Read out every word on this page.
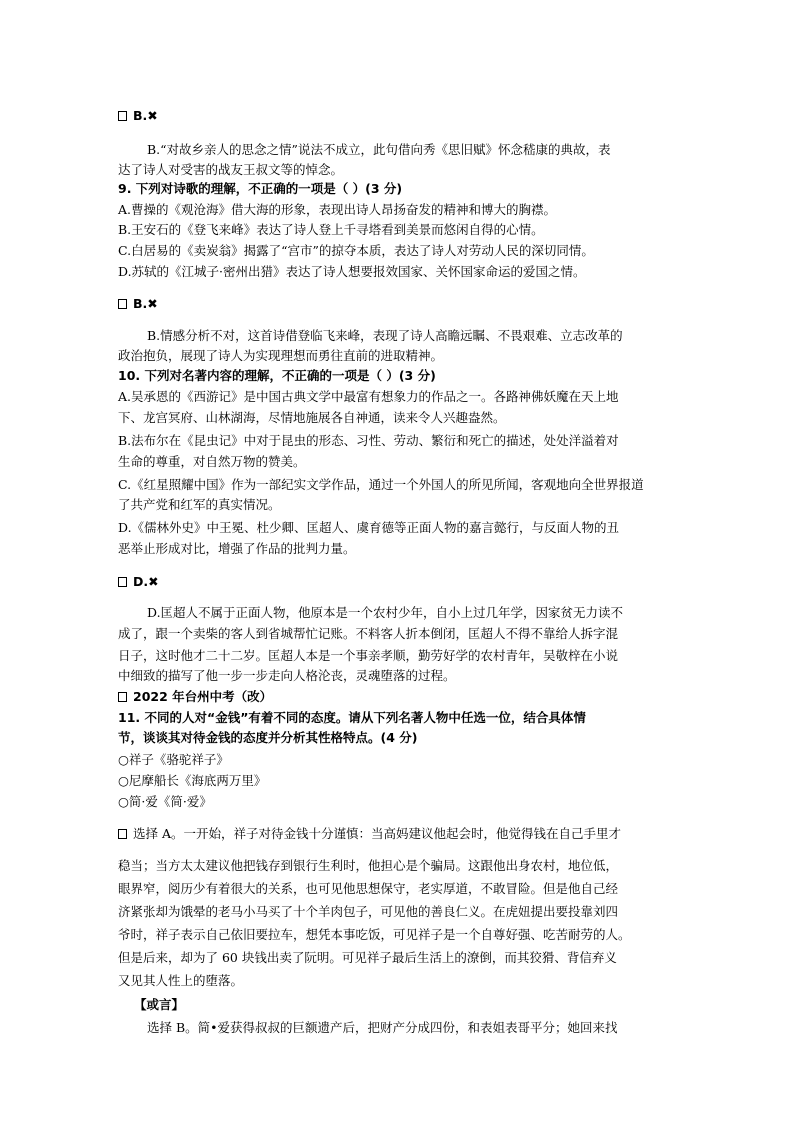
B.✖
B.“对故乡亲人的思念之情”说法不成立，此句借向秀《思旧赋》怀念嵇康的典故，表
达了诗人对受害的战友王叔文等的悼念。
9. 下列对诗歌的理解，不正确的一项是（ ）(3 分)
A.曹操的《观沧海》借大海的形象，表现出诗人昂扬奋发的精神和博大的胸襟。
B.王安石的《登飞来峰》表达了诗人登上千寻塔看到美景而悠闲自得的心情。
C.白居易的《卖炭翁》揭露了“宫市”的掠夺本质，表达了诗人对劳动人民的深切同情。
D.苏轼的《江城子·密州出猎》表达了诗人想要报效国家、关怀国家命运的爱国之情。
B.✖
B.情感分析不对，这首诗借登临飞来峰，表现了诗人高瞻远瞩、不畏艰难、立志改革的
政治抱负，展现了诗人为实现理想而勇往直前的进取精神。
10. 下列对名著内容的理解，不正确的一项是（ ）(3 分)
A.吴承恩的《西游记》是中国古典文学中最富有想象力的作品之一。各路神佛妖魔在天上地
下、龙宫冥府、山林湖海，尽情地施展各自神通，读来令人兴趣盎然。
B.法布尔在《昆虫记》中对于昆虫的形态、习性、劳动、繁衍和死亡的描述，处处洋溢着对
生命的尊重，对自然万物的赞美。
C.《红星照耀中国》作为一部纪实文学作品，通过一个外国人的所见所闻，客观地向全世界报道
了共产党和红军的真实情况。
D.《儒林外史》中王冕、杜少卿、匡超人、虞育德等正面人物的嘉言懿行，与反面人物的丑
恶举止形成对比，增强了作品的批判力量。
D.✖
D.匡超人不属于正面人物，他原本是一个农村少年，自小上过几年学，因家贫无力读不
成了，跟一个卖柴的客人到省城帮忙记账。不料客人折本倒闭，匡超人不得不靠给人拆字混
日子，这时他才二十二岁。匡超人本是一个事亲孝顺，勤劳好学的农村青年，吴敬梓在小说
中细致的描写了他一步一步走向人格沦丧，灵魂堕落的过程。
2022 年台州中考（改）
11. 不同的人对“金钱”有着不同的态度。请从下列名著人物中任选一位，结合具体情
节，谈谈其对待金钱的态度并分析其性格特点。(4 分)
○祥子《骆驼祥子》
○尼摩船长《海底两万里》
○简·爱《简·爱》
选择 A。一开始，祥子对待金钱十分谨慎：当高妈建议他起会时，他觉得钱在自己手里才
稳当；当方太太建议他把钱存到银行生利时，他担心是个骗局。这跟他出身农村，地位低，
眼界窄，阅历少有着很大的关系，也可见他思想保守，老实厚道，不敢冒险。但是他自己经
济紧张却为饿晕的老马小马买了十个羊肉包子，可见他的善良仁义。在虎妞提出要投靠刘四
爷时，祥子表示自己依旧要拉车，想凭本事吃饭，可见祥子是一个自尊好强、吃苦耐劳的人。
但是后来，却为了 60 块钱出卖了阮明。可见祥子最后生活上的潦倒，而其狡猾、背信弃义
又见其人性上的堕落。
【或言】
选择 B。简•爱获得叔叔的巨额遗产后，把财产分成四份，和表姐表哥平分；她回来找
